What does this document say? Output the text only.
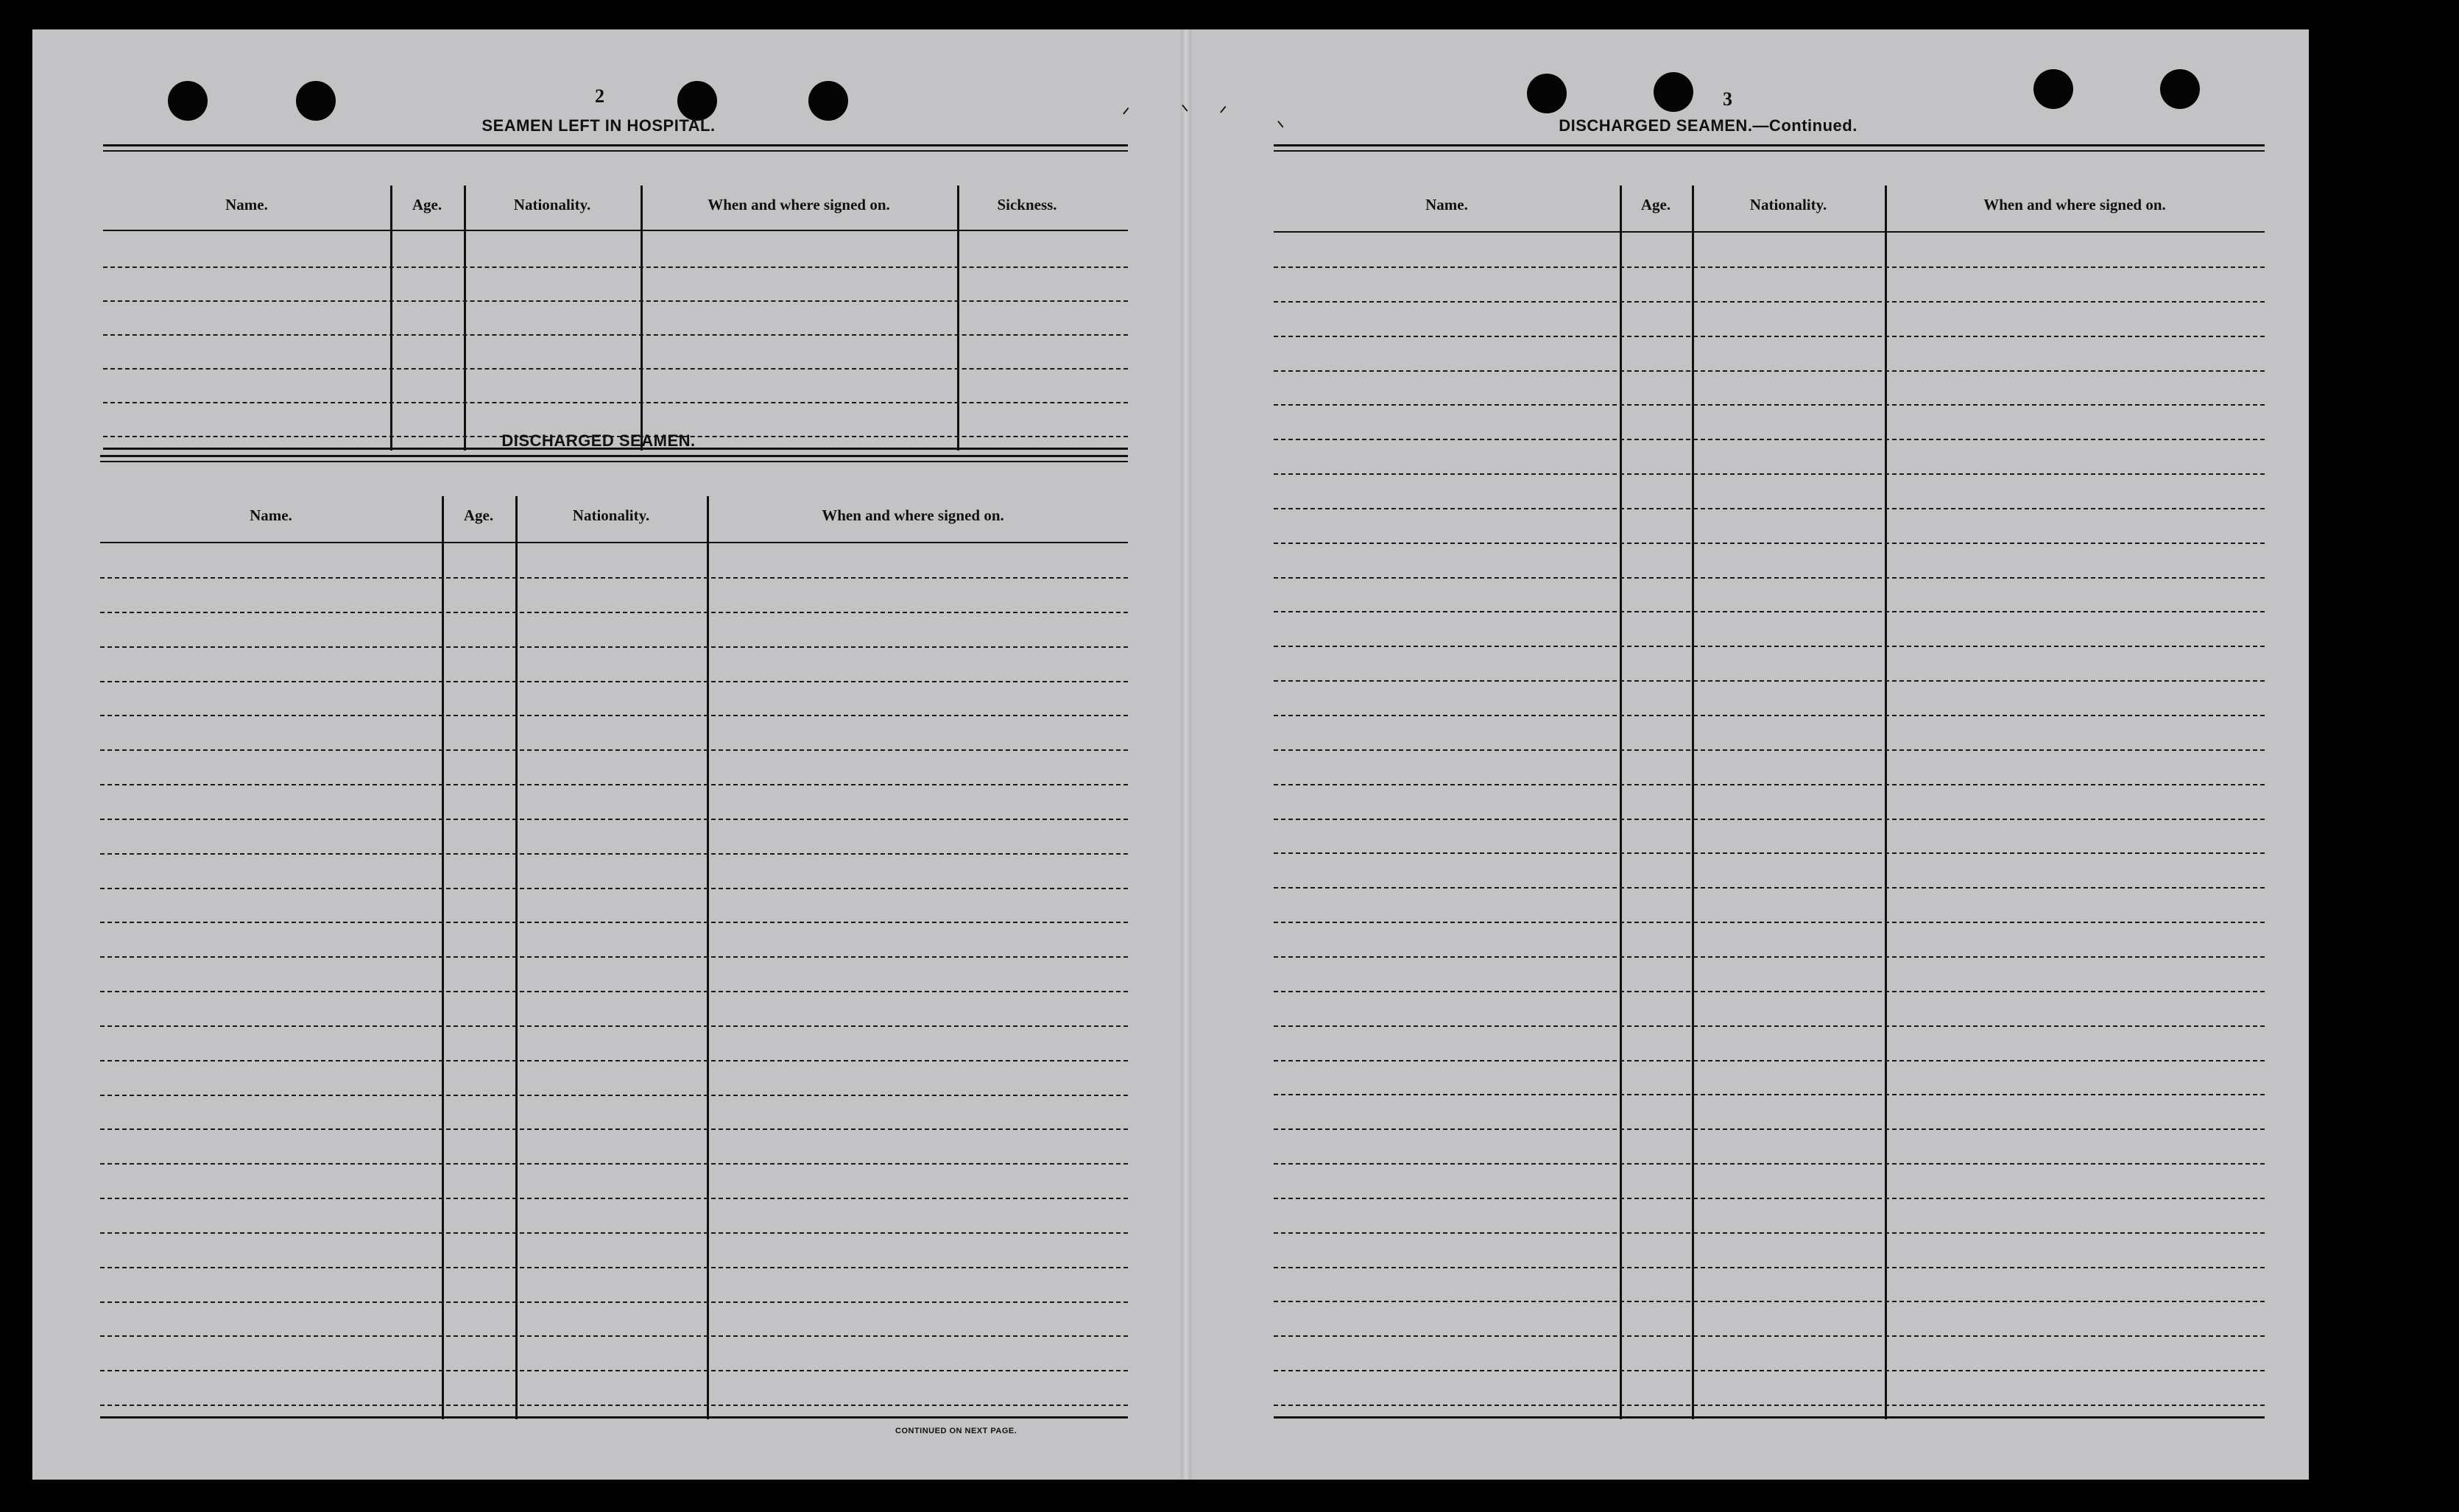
2
SEAMEN LEFT IN HOSPITAL.
Name.	Age.	Nationality.	When and where signed on.	Sickness.
DISCHARGED SEAMEN.
Name.	Age.	Nationality.	When and where signed on.
CONTINUED ON NEXT PAGE.
ᐟ	ᐠ ᐟ
ᐠ
3
DISCHARGED SEAMEN.—Continued.
Name.	Age.	Nationality.	When and where signed on.
